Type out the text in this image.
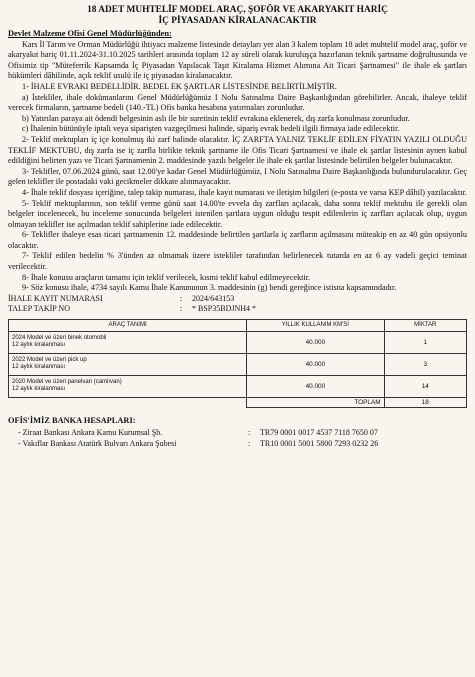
18 ADET MUHTELİF MODEL ARAÇ, ŞOFÖR VE AKARYAKIT HARİÇ
İÇ PİYASADAN KİRALANACAKTIR
Devlet Malzeme Ofisi Genel Müdürlüğünden:

Kars İl Tarım ve Orman Müdürlüğü ihtiyacı malzeme listesinde detayları yer alan 3 kalem toplam 18 adet muhtelif model araç, şoför ve akaryakıt hariç 01.11.2024-31.10.2025 tarihleri arasında toplam 12 ay süreli olarak kuruluşça hazırlanan teknik şartname doğrultusunda ve Ofisimiz tip "Müteferrik Kapsamda İç Piyasadan Yapılacak Taşıt Kiralama Hizmet Alımına Ait Ticari Şartnamesi" ile ihale ek şartları hükümleri dâhilinde, açık teklif usulü ile iç piyasadan kiralanacaktır.

1- İHALE EVRAKI BEDELLİDİR. BEDEL EK ŞARTLAR LİSTESİNDE BELİRTİLMİŞTİR.

a) İstekliler, ihale dokümanlarını Genel Müdürlüğümüz I Nolu Satınalma Daire Başkanlığından görebilirler. Ancak, ihaleye teklif verecek firmaların, şartname bedeli (140.-TL) Ofis banka hesabına yatırmaları zorunludur.

b) Yatırılan paraya ait ödendi belgesinin aslı ile bir suretinin teklif evrakına eklenerek, dış zarfa konulması zorunludur.

c) İhalenin bütünüyle iptali veya siparişten vazgeçilmesi halinde, sipariş evrak bedeli ilgili firmaya iade edilecektir.

2- Teklif mektupları iç içe konulmuş iki zarf halinde olacaktır. İÇ ZARFTA YALNIZ TEKLİF EDİLEN FİYATIN YAZILI OLDUĞU TEKLİF MEKTUBU, dış zarfa ise iç zarfla birlikte teknik şartname ile Ofis Ticari Şartnamesi ve ihale ek şartlar listesinin aynen kabul edildiğini belirten yazı ve Ticari Şartnamenin 2. maddesinde yazılı belgeler ile ihale ek şartlar listesinde belirtilen belgeler bulunacaktır.

3- Teklifler, 07.06.2024 günü, saat 12.00'ye kadar Genel Müdürlüğümüz, I Nolu Satınalma Daire Başkanlığında bulundurulacaktır. Geç gelen teklifler ile postadaki vaki gecikmeler dikkate alınmayacaktır.

4- İhale teklif dosyası içeriğine, talep takip numarası, ihale kayıt numarası ve iletişim bilgileri (e-posta ve varsa KEP dâhil) yazılacaktır.

5- Teklif mektuplarının, son teklif verme günü saat 14.00'te evvela dış zarfları açılacak, daha sonra teklif mektubu ile gerekli olan belgeler incelenecek, bu inceleme sonucunda belgeleri istenilen şartlara uygun olduğu tespit edilenlerin iç zarfları açılacak olup, uygun olmayan teklifler ise açılmadan teklif sahiplerine iade edilecektir.

6- Teklifler ihaleye esas ticari şartnamenin 12. maddesinde belirtilen şartlarla iç zarfların açılmasını müteakip en az 40 gün opsiyonlu olacaktır.

7- Teklif edilen bedelin % 3'ünden az olmamak üzere istekliler tarafından belirlenecek tutarda en az 6 ay vadeli geçici teminat verilecektir.

8- İhale konusu araçların tamamı için teklif verilecek, kısmi teklif kabul edilmeyecektir.

9- Söz konusu ihale, 4734 sayılı Kamu İhale Kanununun 3. maddesinin (g) bendi gereğince istisna kapsamındadır.

İHALE KAYIT NUMARASI	:	2024/643153
TALEP TAKİP NO	:	* BSP35BDJNH4 *
ARAÇ TANIMI	YILLIK KULLANIM KM'Sİ	MİKTAR

2024 Model ve üzeri binek otomobil
12 aylık kiralanması	40.000	1

2022 Model ve üzeri pick up
12 aylık kiralanması	40.000	3

2020 Model ve üzeri panelvan (camlıvan)
12 aylık kiralanması	40.000	14
	TOPLAM	18
OFİS'İMİZ BANKA HESAPLARI:
- Ziraat Bankası Ankara Kamu Kurumsal Şb.	:	TR79 0001 0017 4537 7118 7650 07
- Vakıflar Bankası Atatürk Bulvarı Ankara Şubesi	:	TR10 0001 5001 5800 7293 0232 26
